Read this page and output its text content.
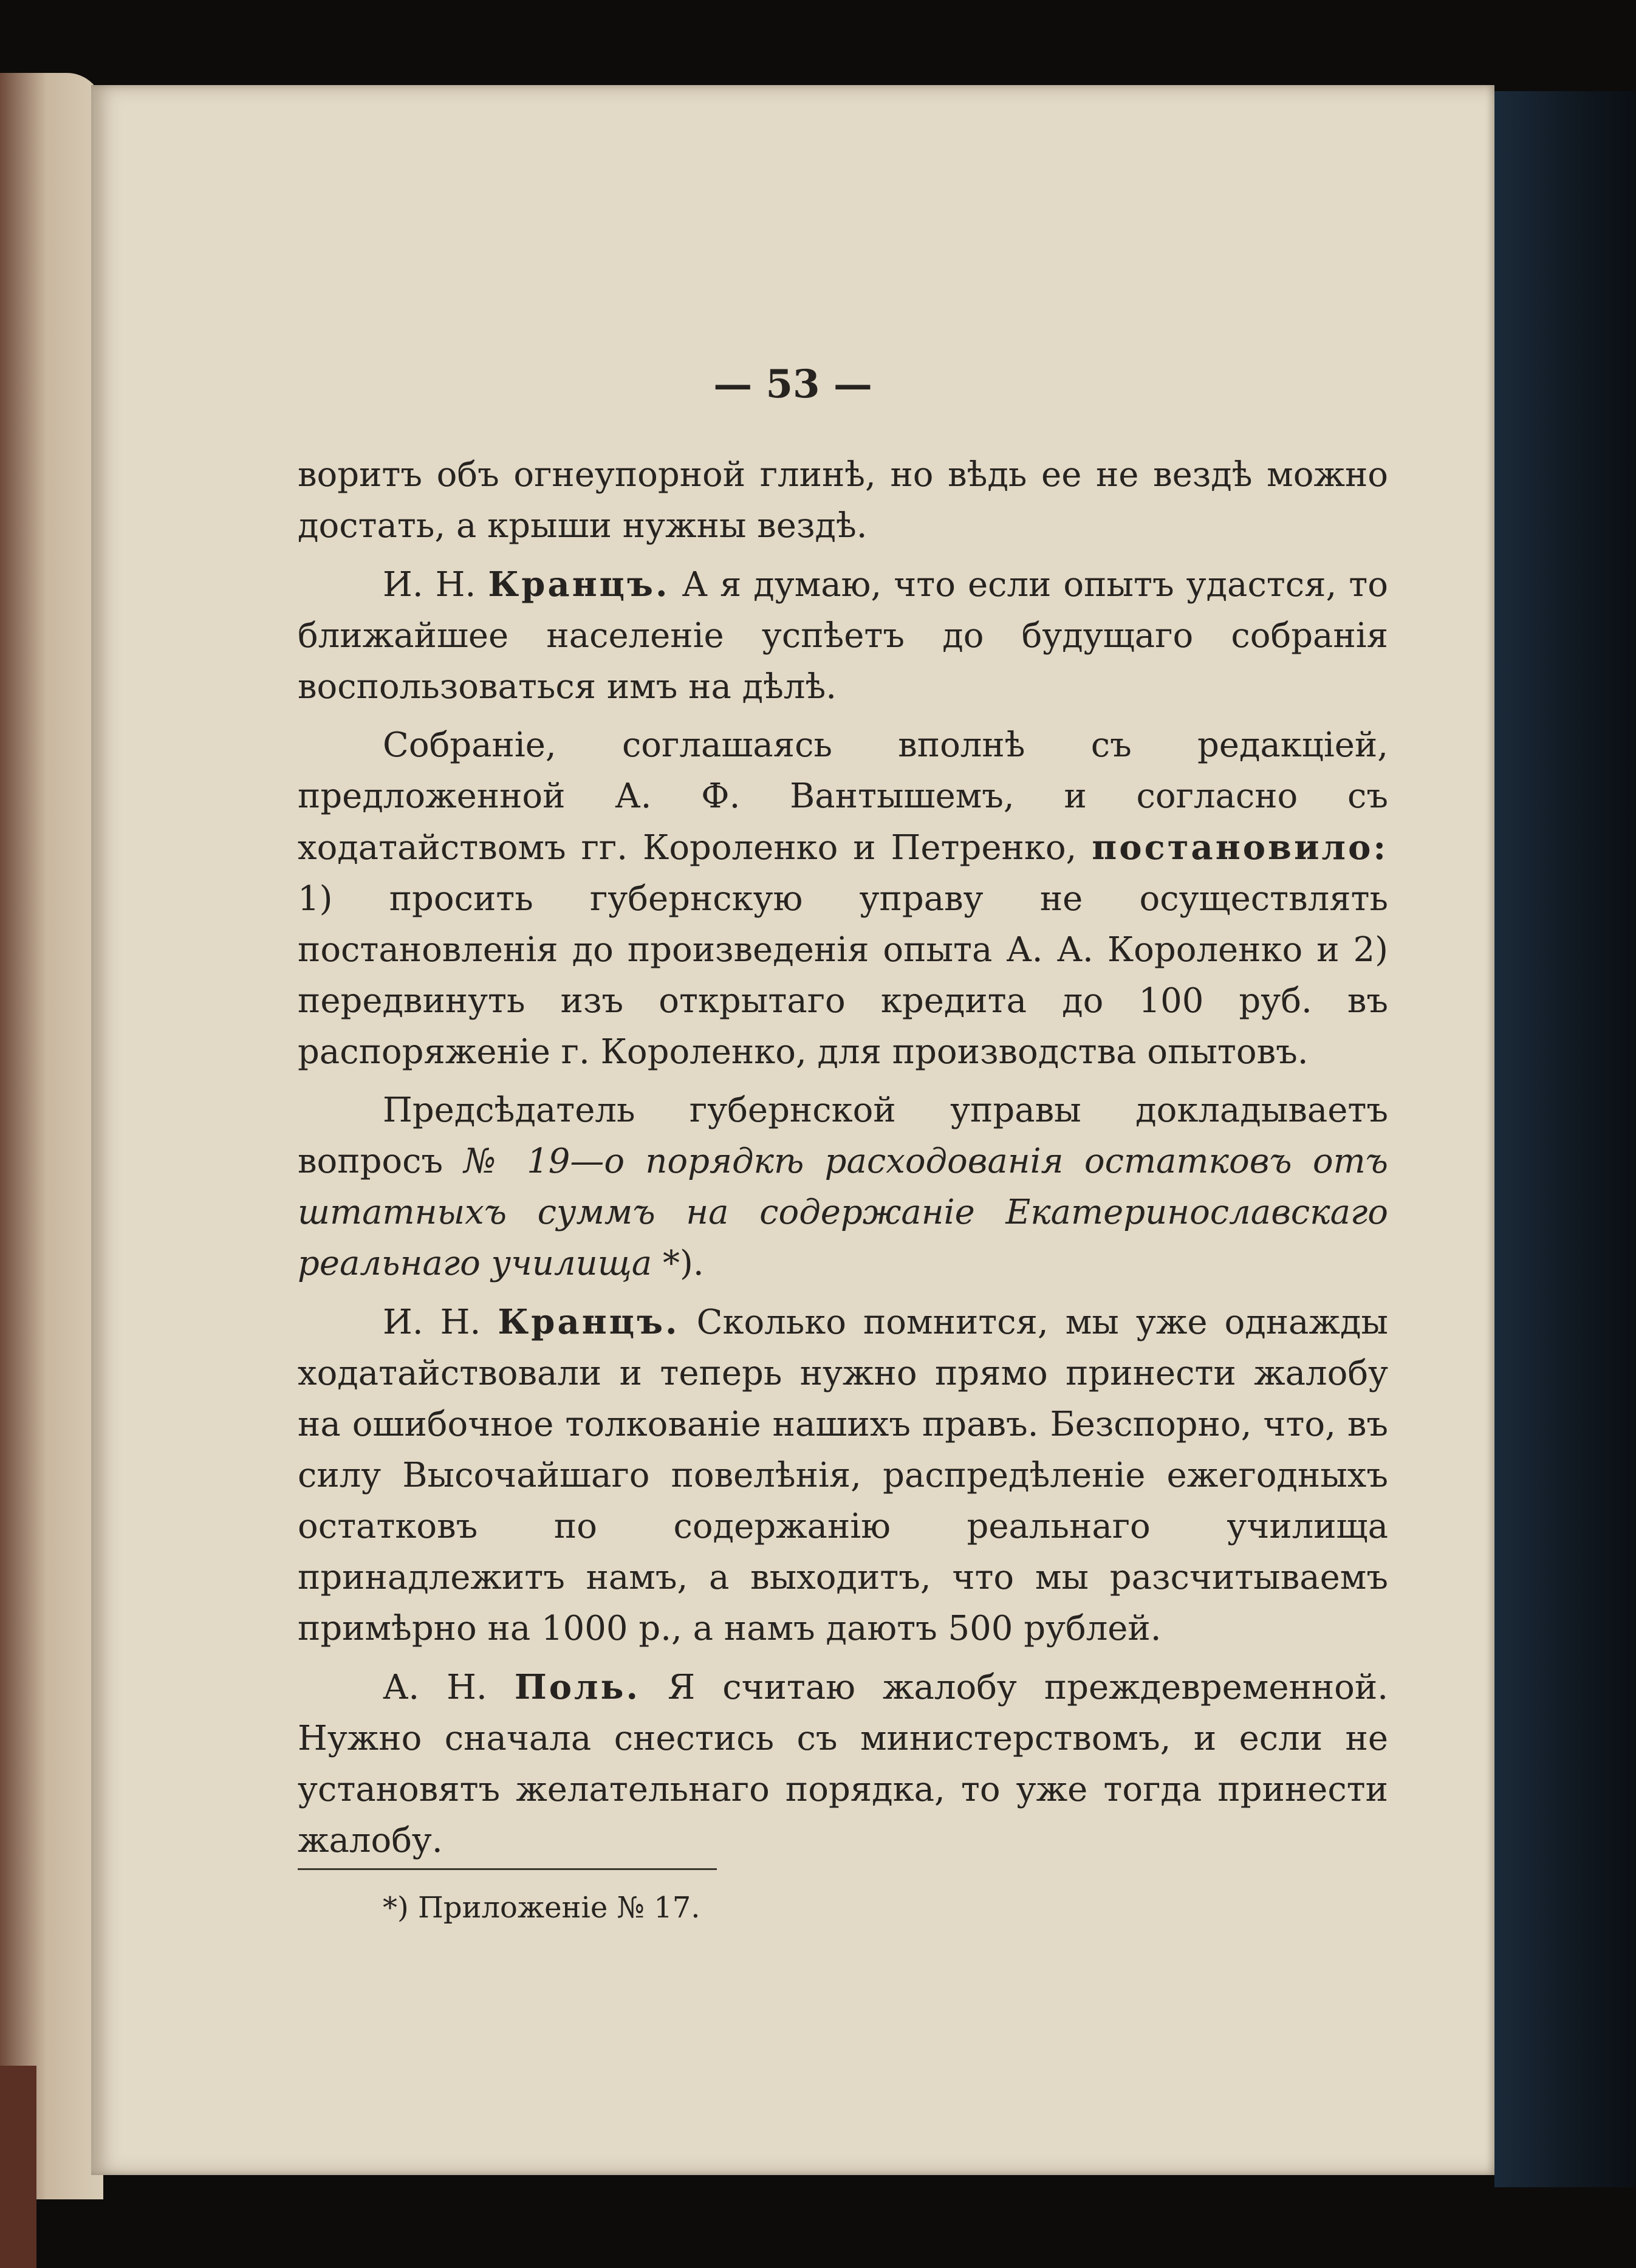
— 53 —

воритъ объ огнеупорной глинѣ, но вѣдь ее не вездѣ можно достать, а крыши нужны вездѣ.

И. Н. Кранцъ. А я думаю, что если опытъ удастся, то ближайшее населеніе успѣетъ до будущаго собранія воспользоваться имъ на дѣлѣ.

Собраніе, соглашаясь вполнѣ съ редакціей, предложенной А. Ф. Вантышемъ, и согласно съ ходатайствомъ гг. Короленко и Петренко, постановило: 1) просить губернскую управу не осуществлять постановленія до произведенія опыта А. А. Короленко и 2) передвинуть изъ открытаго кредита до 100 руб. въ распоряженіе г. Короленко, для производства опытовъ.

Предсѣдатель губернской управы докладываетъ вопросъ № 19—о порядкѣ расходованія остатковъ отъ штатныхъ суммъ на содержаніе Екатеринославскаго реальнаго училища *).

И. Н. Кранцъ. Сколько помнится, мы уже однажды ходатайствовали и теперь нужно прямо принести жалобу на ошибочное толкованіе нашихъ правъ. Безспорно, что, въ силу Высочайшаго повелѣнія, распредѣленіе ежегодныхъ остатковъ по содержанію реальнаго училища принадлежитъ намъ, а выходитъ, что мы разсчитываемъ примѣрно на 1000 р., а намъ даютъ 500 рублей.

А. Н. Поль. Я считаю жалобу преждевременной. Нужно сначала снестись съ министерствомъ, и если не установятъ желательнаго порядка, то уже тогда принести жалобу.

*) Приложеніе № 17.
